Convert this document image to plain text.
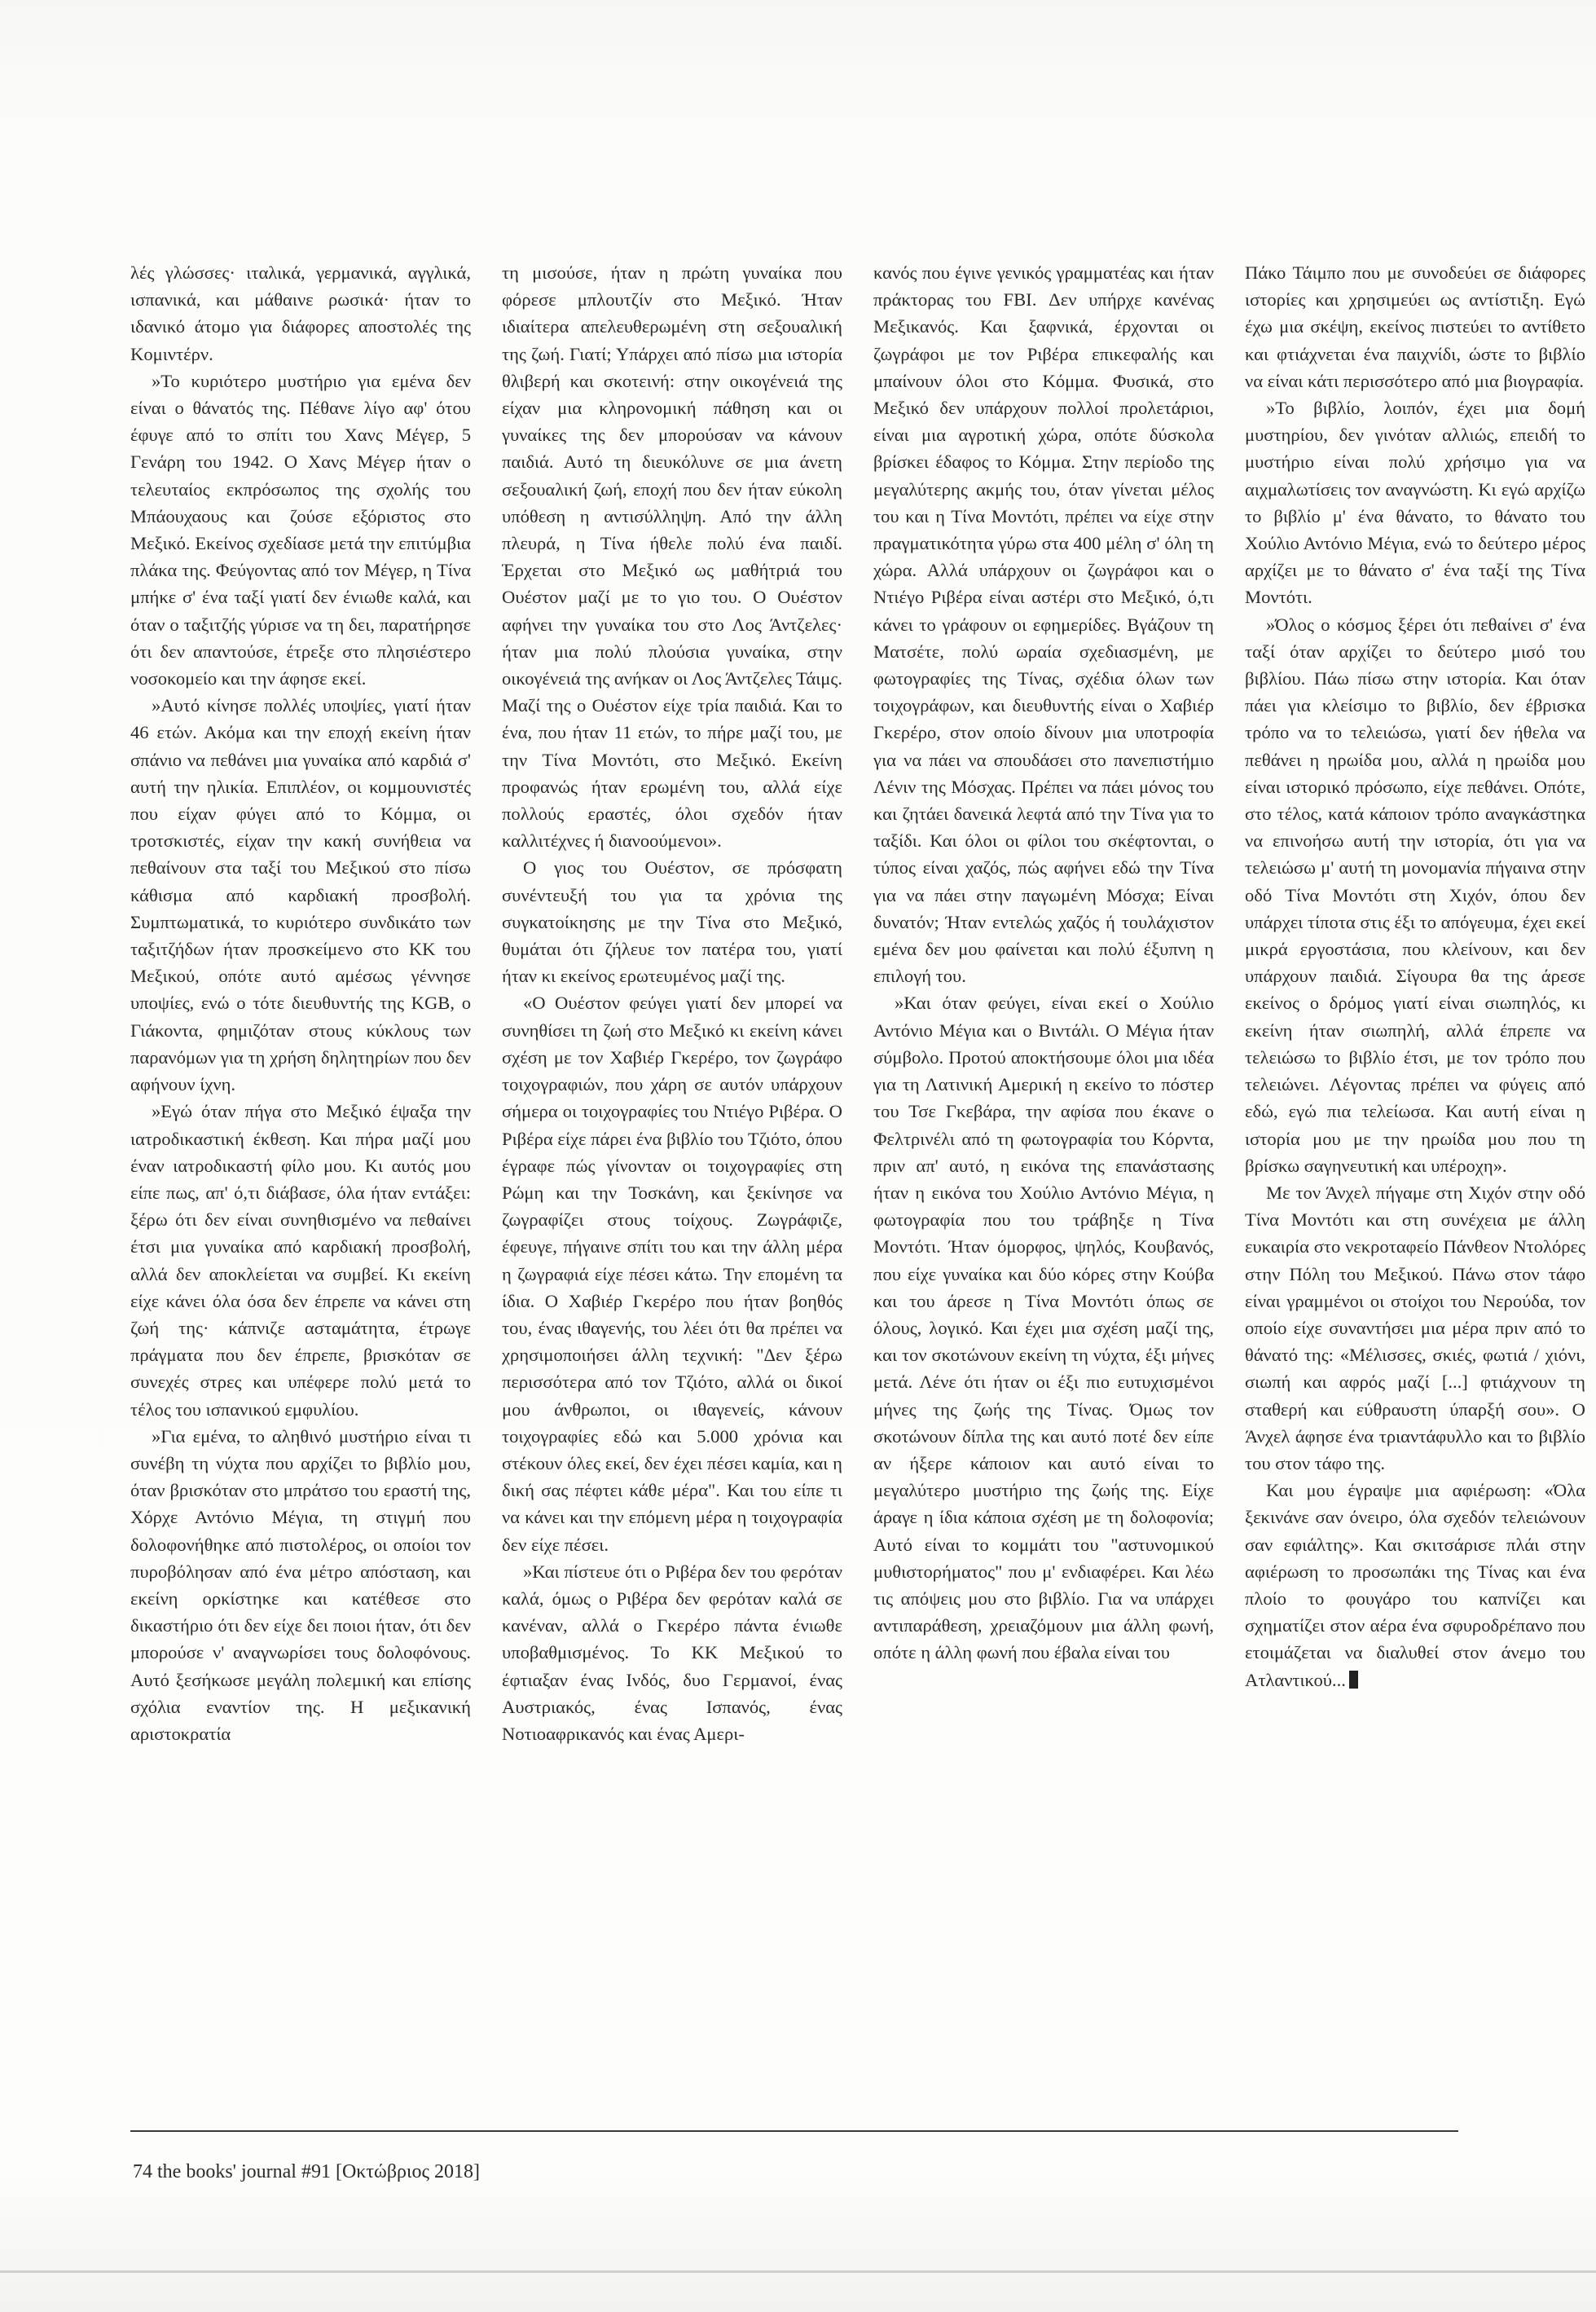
λές γλώσσες· ιταλικά, γερμανικά, αγγλικά, ισπανικά, και μάθαινε ρωσικά· ήταν το ιδανικό άτομο για διάφορες αποστολές της Κομιντέρν.

»Το κυριότερο μυστήριο για εμένα δεν είναι ο θάνατός της. Πέθανε λίγο αφ' ότου έφυγε από το σπίτι του Χανς Μέγερ, 5 Γενάρη του 1942. Ο Χανς Μέγερ ήταν ο τελευταίος εκπρόσωπος της σχολής του Μπάουχαους και ζούσε εξόριστος στο Μεξικό. Εκείνος σχεδίασε μετά την επιτύμβια πλάκα της. Φεύγοντας από τον Μέγερ, η Τίνα μπήκε σ' ένα ταξί γιατί δεν ένιωθε καλά, και όταν ο ταξιτζής γύρισε να τη δει, παρατήρησε ότι δεν απαντούσε, έτρεξε στο πλησιέστερο νοσοκομείο και την άφησε εκεί.

»Αυτό κίνησε πολλές υποψίες, γιατί ήταν 46 ετών. Ακόμα και την εποχή εκείνη ήταν σπάνιο να πεθάνει μια γυναίκα από καρδιά σ' αυτή την ηλικία. Επιπλέον, οι κομμουνιστές που είχαν φύγει από το Κόμμα, οι τροτσκιστές, είχαν την κακή συνήθεια να πεθαίνουν στα ταξί του Μεξικού στο πίσω κάθισμα από καρδιακή προσβολή. Συμπτωματικά, το κυριότερο συνδικάτο των ταξιτζήδων ήταν προσκείμενο στο ΚΚ του Μεξικού, οπότε αυτό αμέσως γέννησε υποψίες, ενώ ο τότε διευθυντής της KGB, ο Γιάκοντα, φημιζόταν στους κύκλους των παρανόμων για τη χρήση δηλητηρίων που δεν αφήνουν ίχνη.

»Εγώ όταν πήγα στο Μεξικό έψαξα την ιατροδικαστική έκθεση. Και πήρα μαζί μου έναν ιατροδικαστή φίλο μου. Κι αυτός μου είπε πως, απ' ό,τι διάβασε, όλα ήταν εντάξει: ξέρω ότι δεν είναι συνηθισμένο να πεθαίνει έτσι μια γυναίκα από καρδιακή προσβολή, αλλά δεν αποκλείεται να συμβεί. Κι εκείνη είχε κάνει όλα όσα δεν έπρεπε να κάνει στη ζωή της· κάπνιζε ασταμάτητα, έτρωγε πράγματα που δεν έπρεπε, βρισκόταν σε συνεχές στρες και υπέφερε πολύ μετά το τέλος του ισπανικού εμφυλίου.

»Για εμένα, το αληθινό μυστήριο είναι τι συνέβη τη νύχτα που αρχίζει το βιβλίο μου, όταν βρισκόταν στο μπράτσο του εραστή της, Χόρχε Αντόνιο Μέγια, τη στιγμή που δολοφονήθηκε από πιστολέρος, οι οποίοι τον πυροβόλησαν από ένα μέτρο απόσταση, και εκείνη ορκίστηκε και κατέθεσε στο δικαστήριο ότι δεν είχε δει ποιοι ήταν, ότι δεν μπορούσε ν' αναγνωρίσει τους δολοφόνους. Αυτό ξεσήκωσε μεγάλη πολεμική και επίσης σχόλια εναντίον της. Η μεξικανική αριστοκρατία

τη μισούσε, ήταν η πρώτη γυναίκα που φόρεσε μπλουτζίν στο Μεξικό. Ήταν ιδιαίτερα απελευθερωμένη στη σεξουαλική της ζωή. Γιατί; Υπάρχει από πίσω μια ιστορία θλιβερή και σκοτεινή: στην οικογένειά της είχαν μια κληρονομική πάθηση και οι γυναίκες της δεν μπορούσαν να κάνουν παιδιά. Αυτό τη διευκόλυνε σε μια άνετη σεξουαλική ζωή, εποχή που δεν ήταν εύκολη υπόθεση η αντισύλληψη. Από την άλλη πλευρά, η Τίνα ήθελε πολύ ένα παιδί. Έρχεται στο Μεξικό ως μαθήτριά του Ουέστον μαζί με το γιο του. Ο Ουέστον αφήνει την γυναίκα του στο Λος Άντζελες· ήταν μια πολύ πλούσια γυναίκα, στην οικογένειά της ανήκαν οι Λος Άντζελες Τάιμς. Μαζί της ο Ουέστον είχε τρία παιδιά. Και το ένα, που ήταν 11 ετών, το πήρε μαζί του, με την Τίνα Μοντότι, στο Μεξικό. Εκείνη προφανώς ήταν ερωμένη του, αλλά είχε πολλούς εραστές, όλοι σχεδόν ήταν καλλιτέχνες ή διανοούμενοι».

Ο γιος του Ουέστον, σε πρόσφατη συνέντευξή του για τα χρόνια της συγκατοίκησης με την Τίνα στο Μεξικό, θυμάται ότι ζήλευε τον πατέρα του, γιατί ήταν κι εκείνος ερωτευμένος μαζί της.

«Ο Ουέστον φεύγει γιατί δεν μπορεί να συνηθίσει τη ζωή στο Μεξικό κι εκείνη κάνει σχέση με τον Χαβιέρ Γκερέρο, τον ζωγράφο τοιχογραφιών, που χάρη σε αυτόν υπάρχουν σήμερα οι τοιχογραφίες του Ντιέγο Ριβέρα. Ο Ριβέρα είχε πάρει ένα βιβλίο του Τζιότο, όπου έγραφε πώς γίνονταν οι τοιχογραφίες στη Ρώμη και την Τοσκάνη, και ξεκίνησε να ζωγραφίζει στους τοίχους. Ζωγράφιζε, έφευγε, πήγαινε σπίτι του και την άλλη μέρα η ζωγραφιά είχε πέσει κάτω. Την επομένη τα ίδια. Ο Χαβιέρ Γκερέρο που ήταν βοηθός του, ένας ιθαγενής, του λέει ότι θα πρέπει να χρησιμοποιήσει άλλη τεχνική: "Δεν ξέρω περισσότερα από τον Τζιότο, αλλά οι δικοί μου άνθρωποι, οι ιθαγενείς, κάνουν τοιχογραφίες εδώ και 5.000 χρόνια και στέκουν όλες εκεί, δεν έχει πέσει καμία, και η δική σας πέφτει κάθε μέρα". Και του είπε τι να κάνει και την επόμενη μέρα η τοιχογραφία δεν είχε πέσει.

»Και πίστευε ότι ο Ριβέρα δεν του φερόταν καλά, όμως ο Ριβέρα δεν φερόταν καλά σε κανέναν, αλλά ο Γκερέρο πάντα ένιωθε υποβαθμισμένος. Το ΚΚ Μεξικού το έφτιαξαν ένας Ινδός, δυο Γερμανοί, ένας Αυστριακός, ένας Ισπανός, ένας Νοτιοαφρικανός και ένας Αμερι-

κανός που έγινε γενικός γραμματέας και ήταν πράκτορας του FBI. Δεν υπήρχε κανένας Μεξικανός. Και ξαφνικά, έρχονται οι ζωγράφοι με τον Ριβέρα επικεφαλής και μπαίνουν όλοι στο Κόμμα. Φυσικά, στο Μεξικό δεν υπάρχουν πολλοί προλετάριοι, είναι μια αγροτική χώρα, οπότε δύσκολα βρίσκει έδαφος το Κόμμα. Στην περίοδο της μεγαλύτερης ακμής του, όταν γίνεται μέλος του και η Τίνα Μοντότι, πρέπει να είχε στην πραγματικότητα γύρω στα 400 μέλη σ' όλη τη χώρα. Αλλά υπάρχουν οι ζωγράφοι και ο Ντιέγο Ριβέρα είναι αστέρι στο Μεξικό, ό,τι κάνει το γράφουν οι εφημερίδες. Βγάζουν τη Ματσέτε, πολύ ωραία σχεδιασμένη, με φωτογραφίες της Τίνας, σχέδια όλων των τοιχογράφων, και διευθυντής είναι ο Χαβιέρ Γκερέρο, στον οποίο δίνουν μια υποτροφία για να πάει να σπουδάσει στο πανεπιστήμιο Λένιν της Μόσχας. Πρέπει να πάει μόνος του και ζητάει δανεικά λεφτά από την Τίνα για το ταξίδι. Και όλοι οι φίλοι του σκέφτονται, ο τύπος είναι χαζός, πώς αφήνει εδώ την Τίνα για να πάει στην παγωμένη Μόσχα; Είναι δυνατόν; Ήταν εντελώς χαζός ή τουλάχιστον εμένα δεν μου φαίνεται και πολύ έξυπνη η επιλογή του.

»Και όταν φεύγει, είναι εκεί ο Χούλιο Αντόνιο Μέγια και ο Βιντάλι. Ο Μέγια ήταν σύμβολο. Προτού αποκτήσουμε όλοι μια ιδέα για τη Λατινική Αμερική η εκείνο το πόστερ του Τσε Γκεβάρα, την αφίσα που έκανε ο Φελτρινέλι από τη φωτογραφία του Κόρντα, πριν απ' αυτό, η εικόνα της επανάστασης ήταν η εικόνα του Χούλιο Αντόνιο Μέγια, η φωτογραφία που του τράβηξε η Τίνα Μοντότι. Ήταν όμορφος, ψηλός, Κουβανός, που είχε γυναίκα και δύο κόρες στην Κούβα και του άρεσε η Τίνα Μοντότι όπως σε όλους, λογικό. Και έχει μια σχέση μαζί της, και τον σκοτώνουν εκείνη τη νύχτα, έξι μήνες μετά. Λένε ότι ήταν οι έξι πιο ευτυχισμένοι μήνες της ζωής της Τίνας. Όμως τον σκοτώνουν δίπλα της και αυτό ποτέ δεν είπε αν ήξερε κάποιον και αυτό είναι το μεγαλύτερο μυστήριο της ζωής της. Είχε άραγε η ίδια κάποια σχέση με τη δολοφονία; Αυτό είναι το κομμάτι του "αστυνομικού μυθιστορήματος" που μ' ενδιαφέρει. Και λέω τις απόψεις μου στο βιβλίο. Για να υπάρχει αντιπαράθεση, χρειαζόμουν μια άλλη φωνή, οπότε η άλλη φωνή που έβαλα είναι του

Πάκο Τάιμπο που με συνοδεύει σε διάφορες ιστορίες και χρησιμεύει ως αντίστιξη. Εγώ έχω μια σκέψη, εκείνος πιστεύει το αντίθετο και φτιάχνεται ένα παιχνίδι, ώστε το βιβλίο να είναι κάτι περισσότερο από μια βιογραφία.

»Το βιβλίο, λοιπόν, έχει μια δομή μυστηρίου, δεν γινόταν αλλιώς, επειδή το μυστήριο είναι πολύ χρήσιμο για να αιχμαλωτίσεις τον αναγνώστη. Κι εγώ αρχίζω το βιβλίο μ' ένα θάνατο, το θάνατο του Χούλιο Αντόνιο Μέγια, ενώ το δεύτερο μέρος αρχίζει με το θάνατο σ' ένα ταξί της Τίνα Μοντότι.

»Όλος ο κόσμος ξέρει ότι πεθαίνει σ' ένα ταξί όταν αρχίζει το δεύτερο μισό του βιβλίου. Πάω πίσω στην ιστορία. Και όταν πάει για κλείσιμο το βιβλίο, δεν έβρισκα τρόπο να το τελειώσω, γιατί δεν ήθελα να πεθάνει η ηρωίδα μου, αλλά η ηρωίδα μου είναι ιστορικό πρόσωπο, είχε πεθάνει. Οπότε, στο τέλος, κατά κάποιον τρόπο αναγκάστηκα να επινοήσω αυτή την ιστορία, ότι για να τελειώσω μ' αυτή τη μονομανία πήγαινα στην οδό Τίνα Μοντότι στη Χιχόν, όπου δεν υπάρχει τίποτα στις έξι το απόγευμα, έχει εκεί μικρά εργοστάσια, που κλείνουν, και δεν υπάρχουν παιδιά. Σίγουρα θα της άρεσε εκείνος ο δρόμος γιατί είναι σιωπηλός, κι εκείνη ήταν σιωπηλή, αλλά έπρεπε να τελειώσω το βιβλίο έτσι, με τον τρόπο που τελειώνει. Λέγοντας πρέπει να φύγεις από εδώ, εγώ πια τελείωσα. Και αυτή είναι η ιστορία μου με την ηρωίδα μου που τη βρίσκω σαγηνευτική και υπέροχη».

Με τον Άνχελ πήγαμε στη Χιχόν στην οδό Τίνα Μοντότι και στη συνέχεια με άλλη ευκαιρία στο νεκροταφείο Πάνθεον Ντολόρες στην Πόλη του Μεξικού. Πάνω στον τάφο είναι γραμμένοι οι στοίχοι του Νερούδα, τον οποίο είχε συναντήσει μια μέρα πριν από το θάνατό της: «Μέλισσες, σκιές, φωτιά / χιόνι, σιωπή και αφρός μαζί [...] φτιάχνουν τη σταθερή και εύθραυστη ύπαρξή σου». Ο Άνχελ άφησε ένα τριαντάφυλλο και το βιβλίο του στον τάφο της.

Και μου έγραψε μια αφιέρωση: «Όλα ξεκινάνε σαν όνειρο, όλα σχεδόν τελειώνουν σαν εφιάλτης». Και σκιτσάρισε πλάι στην αφιέρωση το προσωπάκι της Τίνας και ένα πλοίο το φουγάρο του καπνίζει και σχηματίζει στον αέρα ένα σφυροδρέπανο που ετοιμάζεται να διαλυθεί στον άνεμο του Ατλαντικού...

74 the books' journal #91 [Οκτώβριος 2018]
